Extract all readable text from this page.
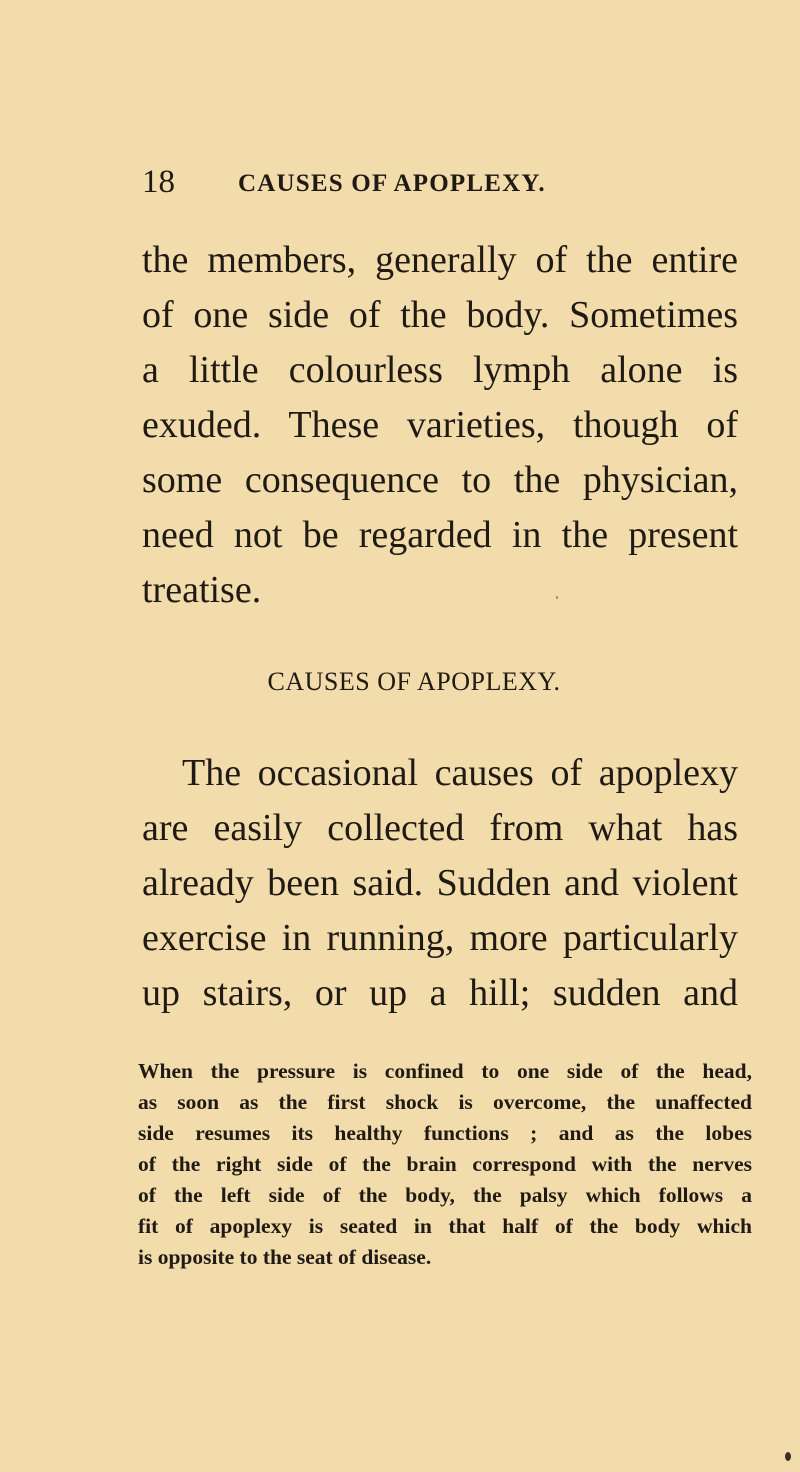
18	CAUSES OF APOPLEXY.
the members, generally of the entire
of one side of the body. Sometimes
a little colourless lymph alone is
exuded. These varieties, though of
some consequence to the physician,
need not be regarded in the present
treatise.
CAUSES OF APOPLEXY.
The occasional causes of apoplexy
are easily collected from what has
already been said. Sudden and violent
exercise in running, more particularly
up stairs, or up a hill; sudden and
When the pressure is confined to one side of the head,
as soon as the first shock is overcome, the unaffected
side resumes its healthy functions ; and as the lobes
of the right side of the brain correspond with the nerves
of the left side of the body, the palsy which follows a
fit of apoplexy is seated in that half of the body which
is opposite to the seat of disease.
